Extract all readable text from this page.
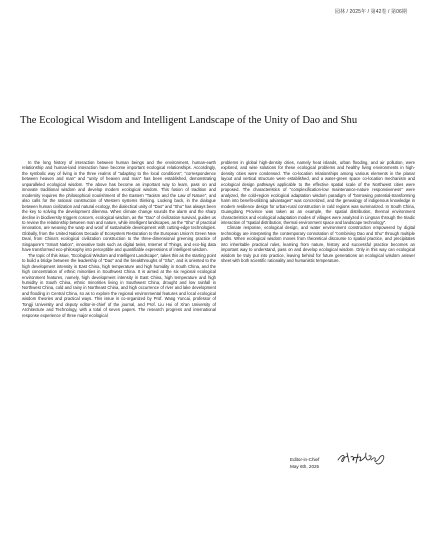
园林 / 2025年 / 第42卷 / 第06期
The Ecological Wisdom and Intelligent Landscape of the Unity of Dao and Shu

In the long history of interaction between human beings and the environment, human-earth relationship and human-land interaction have become important ecological relationships. Accordingly, the symbolic way of living in the three realms of "adapting to the local conditions", "correspondence between heaven and man" and "unity of heaven and man" has been established, demonstrating unparalleled ecological wisdom. The above has become an important way to learn, pass on and innovate traditional wisdom and develop modern ecological wisdom. This fusion of tradition and modernity requires the philosophical nourishment of the Eastern "Taoism and the Law of Nature", and also calls for the rational construction of Western systems thinking. Looking back, in the dialogue between human civilization and natural ecology, the dialectical unity of "Dao" and "Shu" has always been the key to solving the development dilemma. When climate change sounds the alarm and the sharp decline in biodiversity triggers concern, ecological wisdom, as the "Dao" of civilization survival, guides us to review the relationship between man and nature, while intelligent landscapes, as the "Shu" of practical innovation, are weaving the warp and woof of sustainable development with cutting-edge technologies. Globally, from the United Nations Decade of Ecosystem Restoration to the European Union's Green New Deal, from China's ecological civilization construction to the three-dimensional greening practice of Singapore's "Smart Nation", innovative tools such as digital twins, Internet of Things, and eco-big data have transformed eco-philosophy into perceptible and quantifiable expressions of intelligent wisdom.

The topic of this issue, "Ecological Wisdom and Intelligent Landscape", takes this as the starting point to build a bridge between the leadership of "Dao" and the breakthroughs of "Shu", and is oriented to the high development intensity in East China, high temperature and high humidity in South China, and the high concentration of ethnic minorities in Southwest China. It is aimed at the six regional ecological environment features, namely, high development intensity in East China, high temperature and high humidity in South China, ethnic minorities living in Southwest China, drought and low rainfall in Northwest China, cold and rainy in Northeast China, and high occurrence of river and lake development and flooding in Central China, so as to explore the regional environmental features and local ecological wisdom theories and practical ways. This issue is co-organized by Prof. Wang Yuncai, professor of Tongji University and deputy editor-in-chief of the journal, and Prof. Liu Hui of Xi'an University of Architecture and Technology, with a total of seven papers. The research progress and international response experience of three major ecological

problems in global high-density cities, namely heat islands, urban flooding, and air pollution, were explored, and wise solutions for these ecological problems and healthy living environments in high-density cities were condensed. The co-location relationships among various elements in the planar layout and vertical structure were established, and a water-green space co-location mechanism and ecological design pathways applicable to the effective spatial scale of the Northwest cities were proposed. The characteristics of "complexification-low maintenance-nature responsiveness" were analyzed, the cold-region ecological adaptation wisdom paradigm of "borrowing potential-transforming harm into benefit-utilizing advantages" was concretized, and the genealogy of indigenous knowledge in modern resilience design for urban-rural construction in cold regions was summarized. In South China, Guangdong Province was taken as an example, the spatial distribution, thermal environment characteristics and ecological adaptation modes of villages were analyzed in Lingnan through the triadic interaction of "spatial distribution, thermal environment space and landscape technology".

Climate response, ecological design, and water environment construction empowered by digital technology are interpreting the contemporary connotation of "combining Dao and Shu" through multiple paths. When ecological wisdom moves from theoretical discourse to spatial practice, and precipitates into inheritable practical rules, learning from nature, history and successful practice becomes an important way to understand, pass on and develop ecological wisdom. Only in this way can ecological wisdom be truly put into practice, leaving behind for future generations an ecological wisdom answer sheet with both scientific rationality and humanistic temperature.

Editor-in-Chief
May 6th, 2025
